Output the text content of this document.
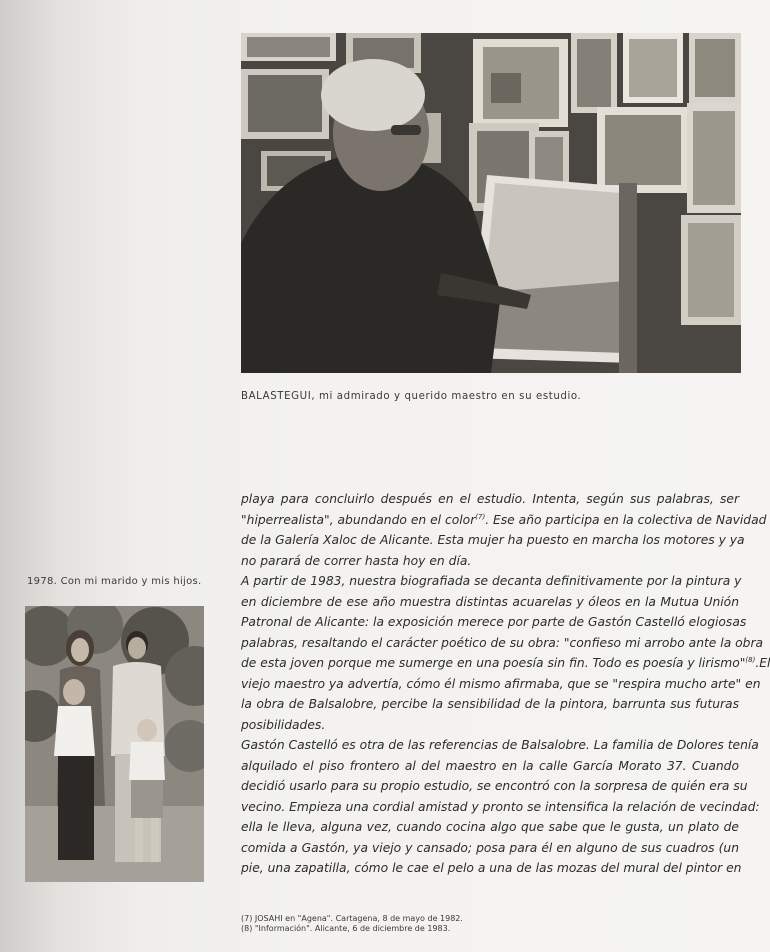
BALASTEGUI, mi admirado y querido maestro en su estudio.
1978. Con mi marido y mis hijos.

playa para concluirlo después en el estudio. Intenta, según sus palabras, ser
"hiperrealista", abundando en el color$^{(7)}$. Ese año participa en la colectiva de Navidad
de la Galería Xaloc de Alicante. Esta mujer ha puesto en marcha los motores y ya
no parará de correr hasta hoy en día.

A partir de 1983, nuestra biografiada se decanta definitivamente por la pintura y
en diciembre de ese año muestra distintas acuarelas y óleos en la Mutua Unión
Patronal de Alicante: la exposición merece por parte de Gastón Castelló elogiosas
palabras, resaltando el carácter poético de su obra: "confieso mi arrobo ante la obra
de esta joven porque me sumerge en una poesía sin fin. Todo es poesía y lirismo"$^{(8)}$.El
viejo maestro ya advertía, cómo él mismo afirmaba, que se "respira mucho arte" en
la obra de Balsalobre, percibe la sensibilidad de la pintora, barrunta sus futuras
posibilidades.

Gastón Castelló es otra de las referencias de Balsalobre. La familia de Dolores tenía
alquilado el piso frontero al del maestro en la calle García Morato 37. Cuando
decidió usarlo para su propio estudio, se encontró con la sorpresa de quién era su
vecino. Empieza una cordial amistad y pronto se intensifica la relación de vecindad:
ella le lleva, alguna vez, cuando cocina algo que sabe que le gusta, un plato de
comida a Gastón, ya viejo y cansado; posa para él en alguno de sus cuadros (un
pie, una zapatilla, cómo le cae el pelo a una de las mozas del mural del pintor en

(7) JOSAHI en "Agena". Cartagena, 8 de mayo de 1982.
(8) "Información". Alicante, 6 de diciembre de 1983.
